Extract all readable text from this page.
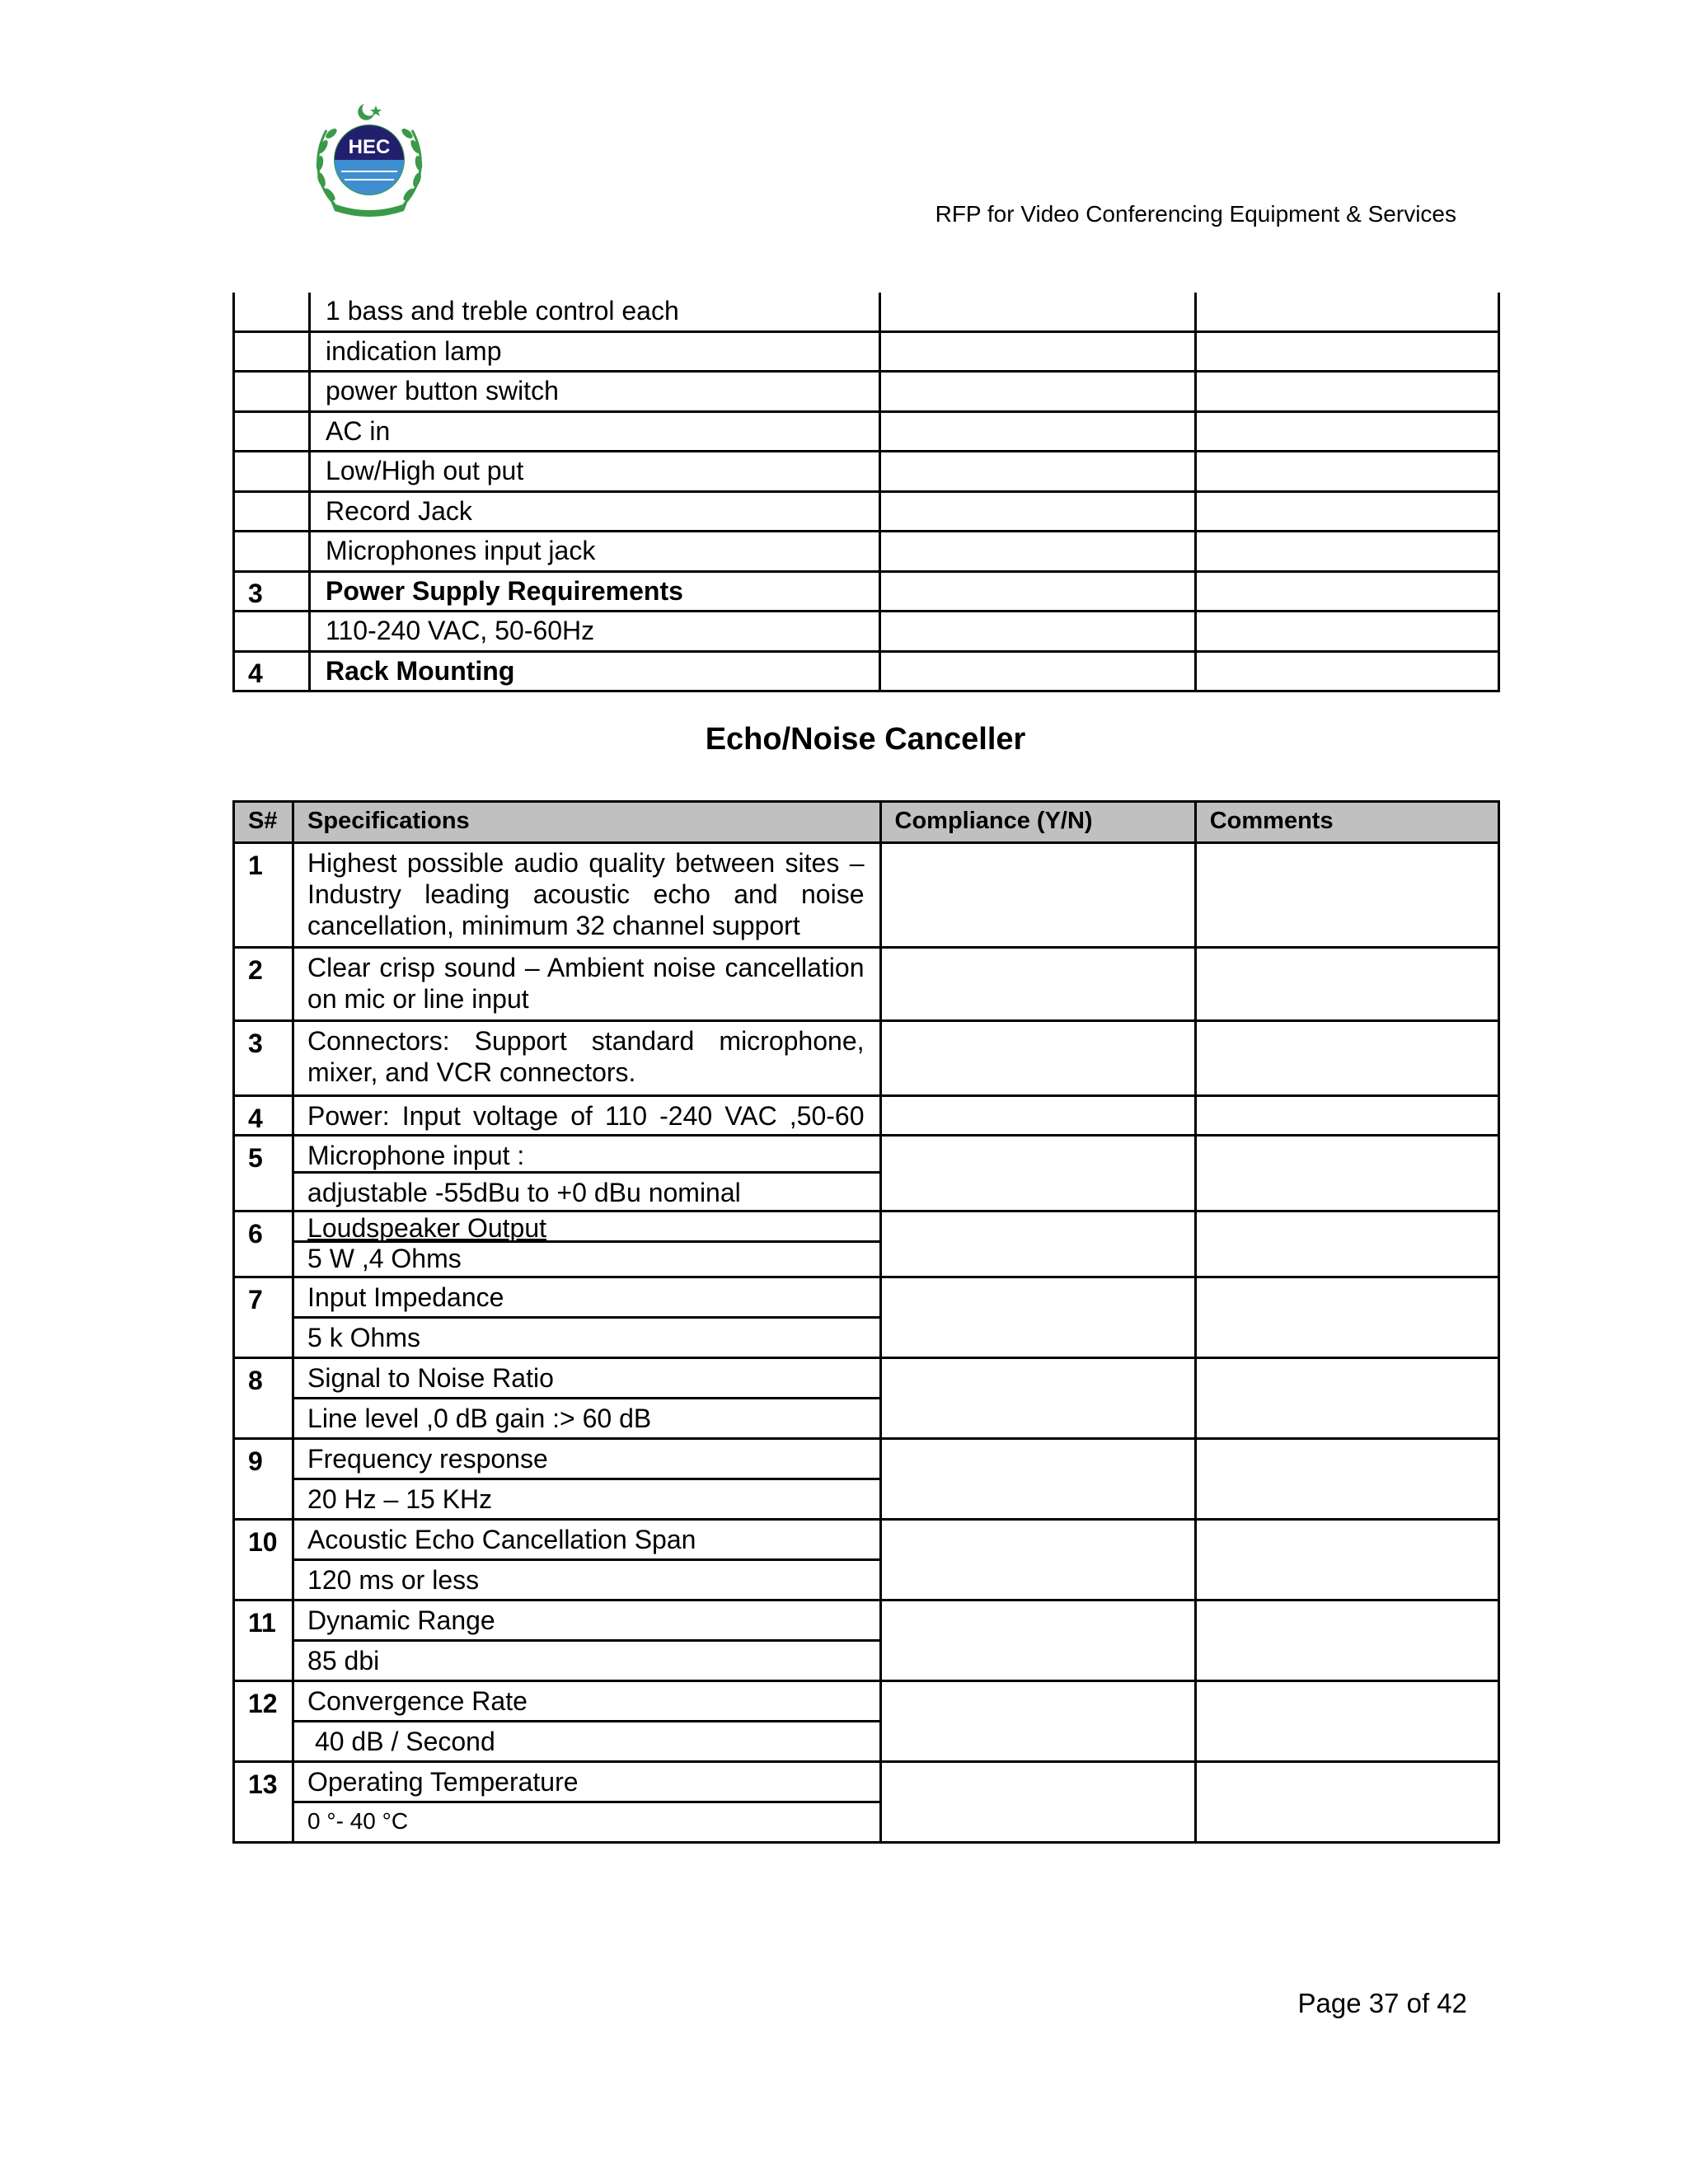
HEC
RFP for Video Conferencing Equipment & Services
	1 bass and treble control each		
	indication lamp		
	power button switch		
	AC in		
	Low/High out put		
	Record Jack		
	Microphones input jack		
3	Power Supply Requirements		
	110-240 VAC, 50-60Hz		
4	Rack Mounting		
Echo/Noise Canceller
S#	Specifications	Compliance (Y/N)	Comments
1	Highest possible audio quality between sites – Industry leading acoustic echo and noise cancellation, minimum 32 channel support		
2	Clear crisp sound – Ambient noise cancellation on mic or line input		
3	Connectors: Support standard microphone, mixer, and VCR connectors.		
4	Power: Input voltage of 110 -240 VAC ,50-60		
5	Microphone input :		
	adjustable -55dBu to +0 dBu nominal		
6	Loudspeaker Output		
	5 W ,4 Ohms		
7	Input Impedance		
	5 k Ohms		
8	Signal to Noise Ratio		
	Line level ,0 dB gain :> 60 dB		
9	Frequency response		
	20 Hz – 15 KHz		
10	Acoustic Echo Cancellation Span		
	120 ms or less		
11	Dynamic Range		
	85 dbi		
12	Convergence Rate		
	40 dB / Second		
13	Operating Temperature		
	0 °- 40 °C		
Page 37 of 42
